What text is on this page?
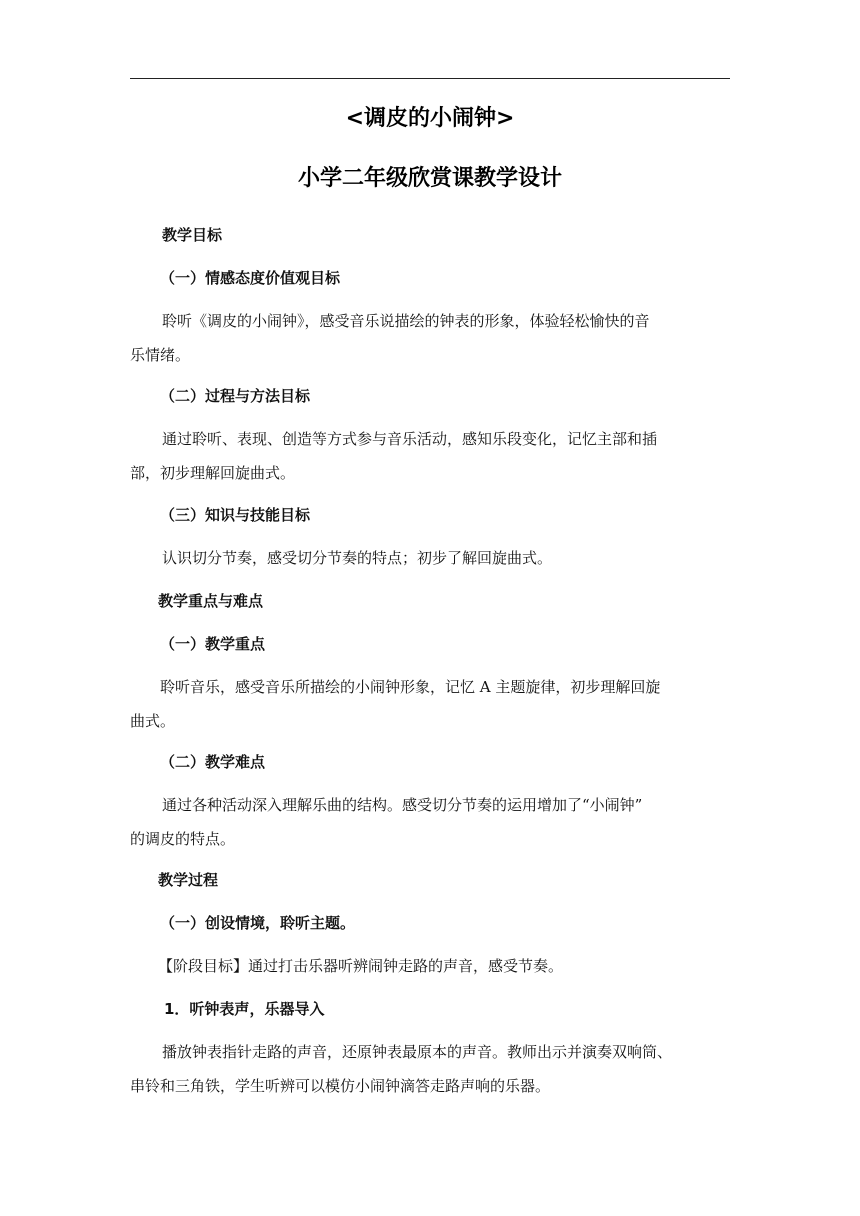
<调皮的小闹钟>
小学二年级欣赏课教学设计
教学目标
（一）情感态度价值观目标
聆听《调皮的小闹钟》，感受音乐说描绘的钟表的形象，体验轻松愉快的音
乐情绪。
（二）过程与方法目标
通过聆听、表现、创造等方式参与音乐活动，感知乐段变化，记忆主部和插
部，初步理解回旋曲式。
（三）知识与技能目标
认识切分节奏，感受切分节奏的特点；初步了解回旋曲式。
教学重点与难点
（一）教学重点
聆听音乐，感受音乐所描绘的小闹钟形象，记忆 A 主题旋律，初步理解回旋
曲式。
（二）教学难点
通过各种活动深入理解乐曲的结构。感受切分节奏的运用增加了“小闹钟”
的调皮的特点。
教学过程
（一）创设情境，聆听主题。
【阶段目标】通过打击乐器听辨闹钟走路的声音，感受节奏。
1．听钟表声，乐器导入
播放钟表指针走路的声音，还原钟表最原本的声音。教师出示并演奏双响筒、
串铃和三角铁，学生听辨可以模仿小闹钟滴答走路声响的乐器。
